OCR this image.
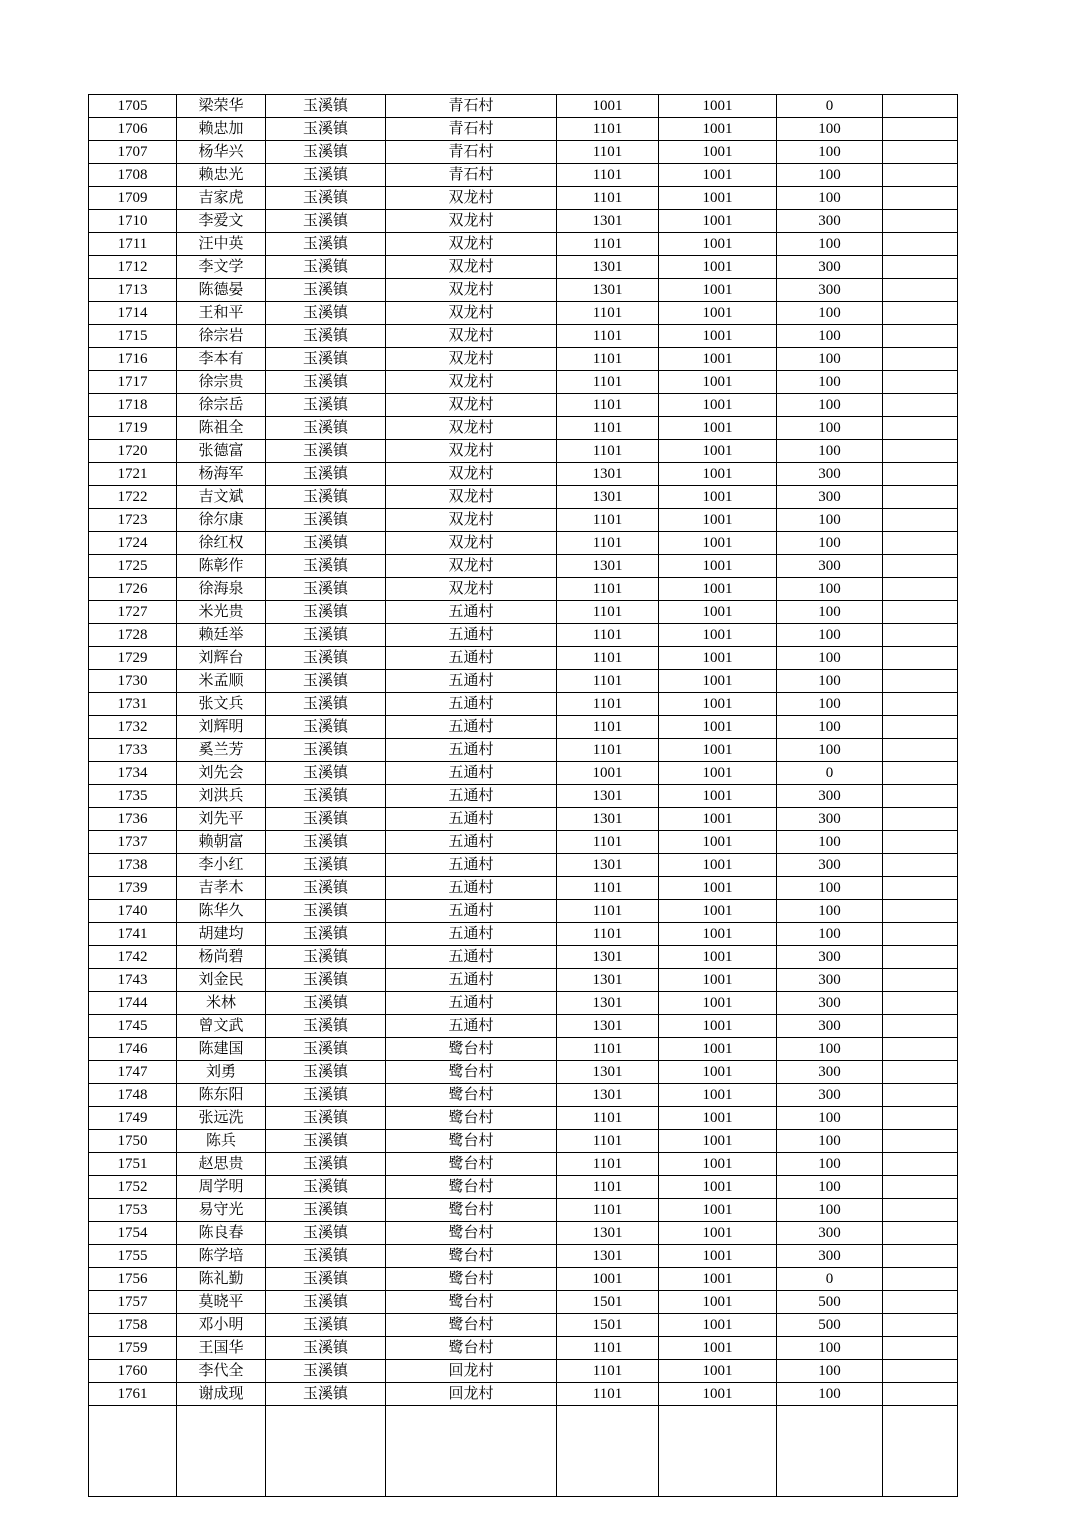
1705	梁荣华	玉溪镇	青石村	1001	1001	0	
1706	赖忠加	玉溪镇	青石村	1101	1001	100	
1707	杨华兴	玉溪镇	青石村	1101	1001	100	
1708	赖忠光	玉溪镇	青石村	1101	1001	100	
1709	吉家虎	玉溪镇	双龙村	1101	1001	100	
1710	李爱文	玉溪镇	双龙村	1301	1001	300	
1711	汪中英	玉溪镇	双龙村	1101	1001	100	
1712	李文学	玉溪镇	双龙村	1301	1001	300	
1713	陈德晏	玉溪镇	双龙村	1301	1001	300	
1714	王和平	玉溪镇	双龙村	1101	1001	100	
1715	徐宗岩	玉溪镇	双龙村	1101	1001	100	
1716	李本有	玉溪镇	双龙村	1101	1001	100	
1717	徐宗贵	玉溪镇	双龙村	1101	1001	100	
1718	徐宗岳	玉溪镇	双龙村	1101	1001	100	
1719	陈祖全	玉溪镇	双龙村	1101	1001	100	
1720	张德富	玉溪镇	双龙村	1101	1001	100	
1721	杨海军	玉溪镇	双龙村	1301	1001	300	
1722	吉文斌	玉溪镇	双龙村	1301	1001	300	
1723	徐尔康	玉溪镇	双龙村	1101	1001	100	
1724	徐红权	玉溪镇	双龙村	1101	1001	100	
1725	陈彰作	玉溪镇	双龙村	1301	1001	300	
1726	徐海泉	玉溪镇	双龙村	1101	1001	100	
1727	米光贵	玉溪镇	五通村	1101	1001	100	
1728	赖廷举	玉溪镇	五通村	1101	1001	100	
1729	刘辉台	玉溪镇	五通村	1101	1001	100	
1730	米孟顺	玉溪镇	五通村	1101	1001	100	
1731	张文兵	玉溪镇	五通村	1101	1001	100	
1732	刘辉明	玉溪镇	五通村	1101	1001	100	
1733	奚兰芳	玉溪镇	五通村	1101	1001	100	
1734	刘先会	玉溪镇	五通村	1001	1001	0	
1735	刘洪兵	玉溪镇	五通村	1301	1001	300	
1736	刘先平	玉溪镇	五通村	1301	1001	300	
1737	赖朝富	玉溪镇	五通村	1101	1001	100	
1738	李小红	玉溪镇	五通村	1301	1001	300	
1739	吉孝木	玉溪镇	五通村	1101	1001	100	
1740	陈华久	玉溪镇	五通村	1101	1001	100	
1741	胡建均	玉溪镇	五通村	1101	1001	100	
1742	杨尚碧	玉溪镇	五通村	1301	1001	300	
1743	刘金民	玉溪镇	五通村	1301	1001	300	
1744	米林	玉溪镇	五通村	1301	1001	300	
1745	曾文武	玉溪镇	五通村	1301	1001	300	
1746	陈建国	玉溪镇	鹭台村	1101	1001	100	
1747	刘勇	玉溪镇	鹭台村	1301	1001	300	
1748	陈东阳	玉溪镇	鹭台村	1301	1001	300	
1749	张远洗	玉溪镇	鹭台村	1101	1001	100	
1750	陈兵	玉溪镇	鹭台村	1101	1001	100	
1751	赵思贵	玉溪镇	鹭台村	1101	1001	100	
1752	周学明	玉溪镇	鹭台村	1101	1001	100	
1753	易守光	玉溪镇	鹭台村	1101	1001	100	
1754	陈良春	玉溪镇	鹭台村	1301	1001	300	
1755	陈学培	玉溪镇	鹭台村	1301	1001	300	
1756	陈礼勤	玉溪镇	鹭台村	1001	1001	0	
1757	莫晓平	玉溪镇	鹭台村	1501	1001	500	
1758	邓小明	玉溪镇	鹭台村	1501	1001	500	
1759	王国华	玉溪镇	鹭台村	1101	1001	100	
1760	李代全	玉溪镇	回龙村	1101	1001	100	
1761	谢成现	玉溪镇	回龙村	1101	1001	100	
